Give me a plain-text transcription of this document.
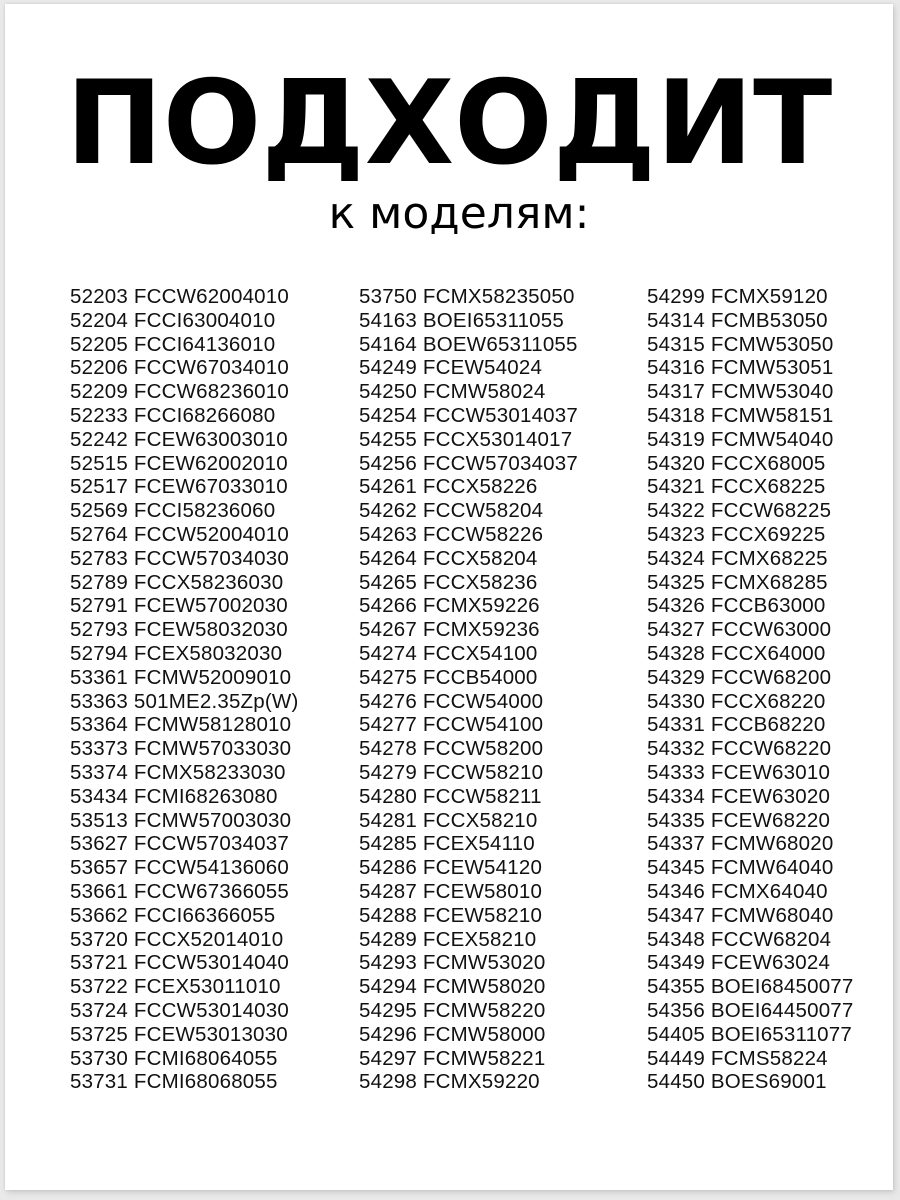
ПОДХОДИТ

к моделям:

52203 FCCW62004010
52204 FCCI63004010
52205 FCCI64136010
52206 FCCW67034010
52209 FCCW68236010
52233 FCCI68266080
52242 FCEW63003010
52515 FCEW62002010
52517 FCEW67033010
52569 FCCI58236060
52764 FCCW52004010
52783 FCCW57034030
52789 FCCX58236030
52791 FCEW57002030
52793 FCEW58032030
52794 FCEX58032030
53361 FCMW52009010
53363 501ME2.35Zp(W)
53364 FCMW58128010
53373 FCMW57033030
53374 FCMX58233030
53434 FCMI68263080
53513 FCMW57003030
53627 FCCW57034037
53657 FCCW54136060
53661 FCCW67366055
53662 FCCI66366055
53720 FCCX52014010
53721 FCCW53014040
53722 FCEX53011010
53724 FCCW53014030
53725 FCEW53013030
53730 FCMI68064055
53731 FCMI68068055
53750 FCMX58235050
54163 BOEI65311055
54164 BOEW65311055
54249 FCEW54024
54250 FCMW58024
54254 FCCW53014037
54255 FCCX53014017
54256 FCCW57034037
54261 FCCX58226
54262 FCCW58204
54263 FCCW58226
54264 FCCX58204
54265 FCCX58236
54266 FCMX59226
54267 FCMX59236
54274 FCCX54100
54275 FCCB54000
54276 FCCW54000
54277 FCCW54100
54278 FCCW58200
54279 FCCW58210
54280 FCCW58211
54281 FCCX58210
54285 FCEX54110
54286 FCEW54120
54287 FCEW58010
54288 FCEW58210
54289 FCEX58210
54293 FCMW53020
54294 FCMW58020
54295 FCMW58220
54296 FCMW58000
54297 FCMW58221
54298 FCMX59220
54299 FCMX59120
54314 FCMB53050
54315 FCMW53050
54316 FCMW53051
54317 FCMW53040
54318 FCMW58151
54319 FCMW54040
54320 FCCX68005
54321 FCCX68225
54322 FCCW68225
54323 FCCX69225
54324 FCMX68225
54325 FCMX68285
54326 FCCB63000
54327 FCCW63000
54328 FCCX64000
54329 FCCW68200
54330 FCCX68220
54331 FCCB68220
54332 FCCW68220
54333 FCEW63010
54334 FCEW63020
54335 FCEW68220
54337 FCMW68020
54345 FCMW64040
54346 FCMX64040
54347 FCMW68040
54348 FCCW68204
54349 FCEW63024
54355 BOEI68450077
54356 BOEI64450077
54405 BOEI65311077
54449 FCMS58224
54450 BOES69001
